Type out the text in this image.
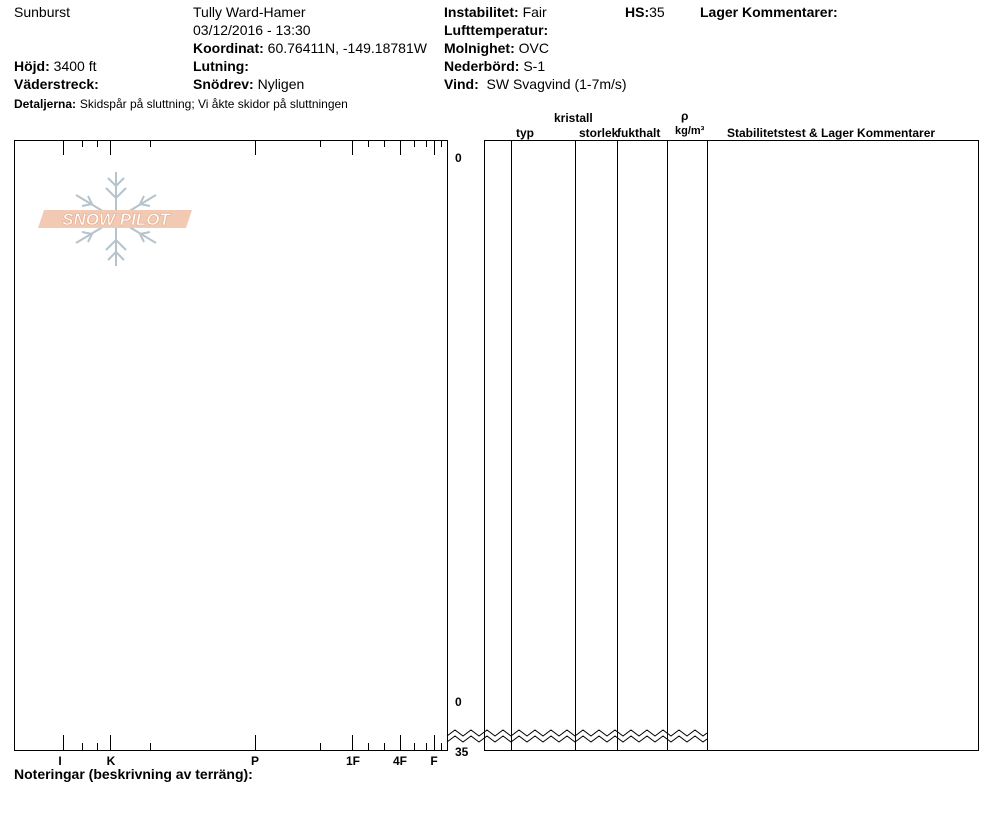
Sunburst	Tully Ward-Hamer
03/12/2016 - 13:30
Koordinat: 60.76411N, -149.18781W
Höjd: 3400 ft
Väderstreck:
Detaljerna: Skidspår på sluttning; Vi åkte skidor på sluttningen
Lutning:
Snödrev: Nyligen
Instabilitet: Fair
Lufttemperatur:
Molnighet: OVC
Nederbörd: S-1
Vind: SW Svagvind (1-7m/s)
HS:35	Lager Kommentarer:
kristall
typ	storlek
fukthalt
ρ
kg/m³ Stabilitetstest & Lager Kommentarer
I	K	P	1F	4F F
0
0
35
SNOW PILOT
Noteringar (beskrivning av terräng):
